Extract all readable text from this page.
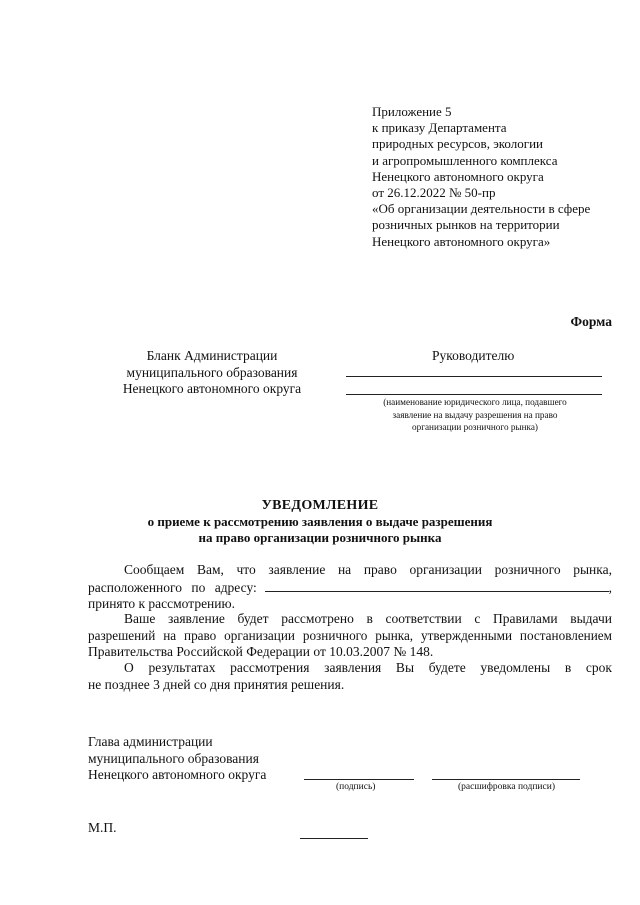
Приложение 5
к приказу Департамента
природных ресурсов, экологии
и агропромышленного комплекса
Ненецкого автономного округа
от 26.12.2022 № 50-пр
«Об организации деятельности в сфере
розничных рынков на территории
Ненецкого автономного округа»
Форма
Бланк Администрации
муниципального образования
Ненецкого автономного округа
Руководителю
(наименование юридического лица, подавшего
заявление на выдачу разрешения на право
организации розничного рынка)
УВЕДОМЛЕНИЕ
о приеме к рассмотрению заявления о выдаче разрешения
на право организации розничного рынка
Сообщаем Вам, что заявление на право организации розничного рынка,
расположенного по адресу:	,
принято к рассмотрению.
Ваше заявление будет рассмотрено в соответствии с Правилами выдачи
разрешений на право организации розничного рынка, утвержденными постановлением
Правительства Российской Федерации от 10.03.2007 № 148.
О результатах рассмотрения заявления Вы будете уведомлены в срок
не позднее 3 дней со дня принятия решения.
Глава администрации
муниципального образования
Ненецкого автономного округа
(подпись)	(расшифровка подписи)
М.П.
